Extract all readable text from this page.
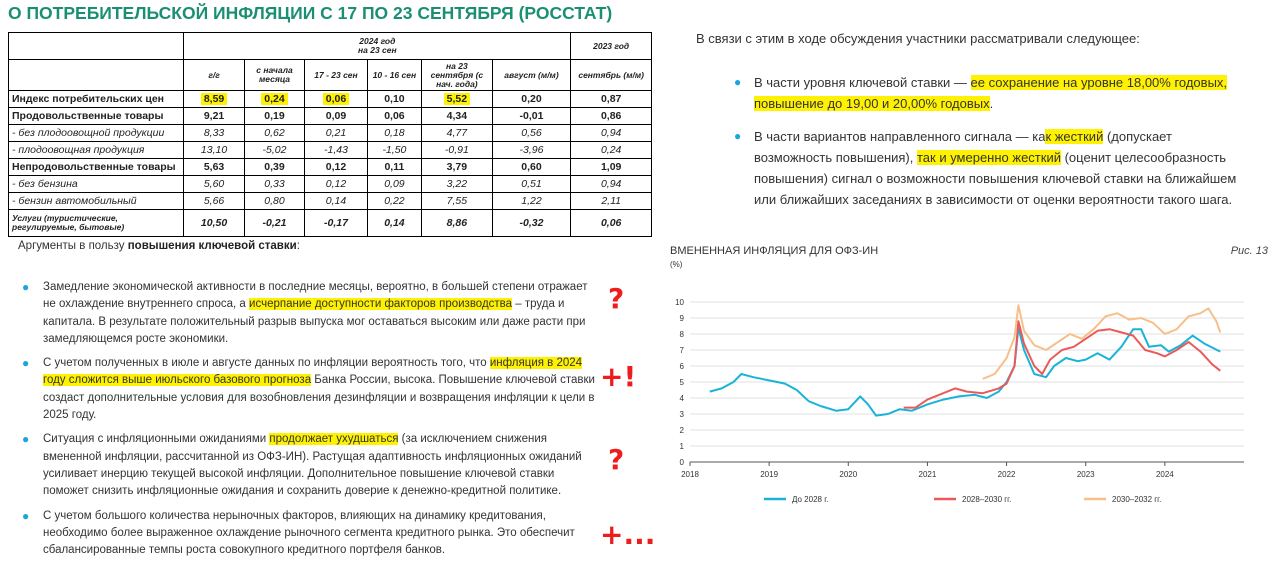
О ПОТРЕБИТЕЛЬСКОЙ ИНФЛЯЦИИ С 17 ПО 23 СЕНТЯБРЯ (РОССТАТ)
	2024 год
на 23 сен						2023 год
	г/г	с начала месяца	17 - 23 сен	10 - 16 сен	на 23 сентября (с нач. года)	август (м/м)	сентябрь (м/м)
Индекс потребительских цен	8,59	0,24	0,06	0,10	5,52	0,20	0,87
Продовольственные товары	9,21	0,19	0,09	0,06	4,34	-0,01	0,86
- без плодоовощной продукции	8,33	0,62	0,21	0,18	4,77	0,56	0,94
- плодоовощная продукция	13,10	-5,02	-1,43	-1,50	-0,91	-3,96	0,24
Непродовольственные товары	5,63	0,39	0,12	0,11	3,79	0,60	1,09
- без бензина	5,60	0,33	0,12	0,09	3,22	0,51	0,94
- бензин автомобильный	5,66	0,80	0,14	0,22	7,55	1,22	2,11
Услуги (туристические, регулируемые, бытовые)	10,50	-0,21	-0,17	0,14	8,86	-0,32	0,06
В связи с этим в ходе обсуждения участники рассматривали следующее:
● В части уровня ключевой ставки — ее сохранение на уровне 18,00% годовых, повышение до 19,00 и 20,00% годовых.
● В части вариантов направленного сигнала — как жесткий (допускает возможность повышения), так и умеренно жесткий (оценит целесообразность повышения) сигнал о возможности повышения ключевой ставки на ближайшем или ближайших заседаниях в зависимости от оценки вероятности такого шага.
Аргументы в пользу повышения ключевой ставки:
● Замедление экономической активности в последние месяцы, вероятно, в большей степени отражает не охлаждение внутреннего спроса, а исчерпание доступности факторов производства – труда и капитала. В результате положительный разрыв выпуска мог оставаться высоким или даже расти при замедляющемся росте экономики.
● С учетом полученных в июле и августе данных по инфляции вероятность того, что инфляция в 2024 году сложится выше июльского базового прогноза Банка России, высока. Повышение ключевой ставки создаст дополнительные условия для возобновления дезинфляции и возвращения инфляции к цели в 2025 году.
● Ситуация с инфляционными ожиданиями продолжает ухудшаться (за исключением снижения вмененной инфляции, рассчитанной из ОФЗ-ИН). Растущая адаптивность инфляционных ожиданий усиливает инерцию текущей высокой инфляции. Дополнительное повышение ключевой ставки поможет снизить инфляционные ожидания и сохранить доверие к денежно-кредитной политике.
● С учетом большого количества нерыночных факторов, влияющих на динамику кредитования, необходимо более выраженное охлаждение рыночного сегмента кредитного рынка. Это обеспечит сбалансированные темпы роста совокупного кредитного портфеля банков.
?
+!
?
+...
ВМЕНЕННАЯ ИНФЛЯЦИЯ ДЛЯ ОФЗ-ИН
(%)
Рис. 13
0
1
2
3
4
5
6
7
8
9
10
2018	2019	2020	2021	2022	2023	2024
До 2028 г.	2028–2030 гг.	2030–2032 гг.
